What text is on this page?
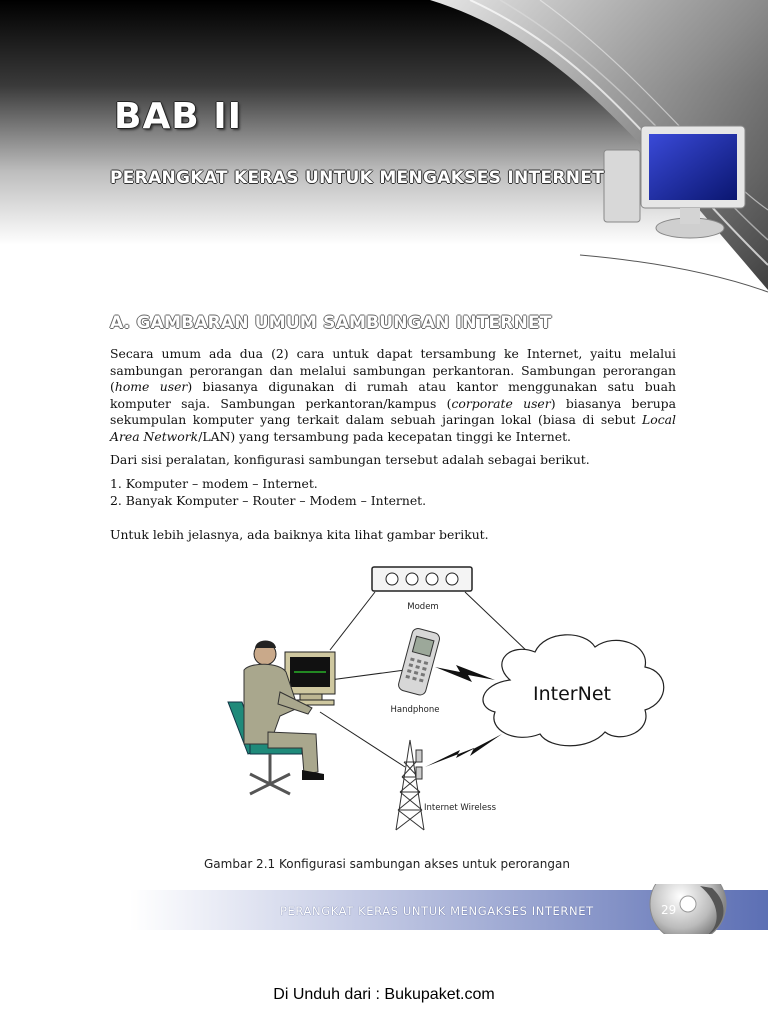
BAB II
PERANGKAT KERAS UNTUK MENGAKSES INTERNET
A. GAMBARAN UMUM SAMBUNGAN INTERNET

Secara umum ada dua (2) cara untuk dapat tersambung ke Internet, yaitu melalui sambungan perorangan dan melalui sambungan perkantoran. Sambungan perorangan (home user) biasanya digunakan di rumah atau kantor menggunakan satu buah komputer saja. Sambungan perkantoran/kampus (corporate user) biasanya berupa sekumpulan komputer yang terkait dalam sebuah jaringan lokal (biasa di sebut Local Area Network/LAN) yang tersambung pada kecepatan tinggi ke Internet.

Dari sisi peralatan, konfigurasi sambungan tersebut adalah sebagai berikut.

1. Komputer – modem – Internet.
2. Banyak Komputer – Router – Modem – Internet.

Untuk lebih jelasnya, ada baiknya kita lihat gambar berikut.

Modem
Handphone
InterNet
Internet Wireless
Gambar 2.1 Konfigurasi sambungan akses untuk perorangan
PERANGKAT KERAS UNTUK MENGAKSES INTERNET	29
Di Unduh dari : Bukupaket.com
